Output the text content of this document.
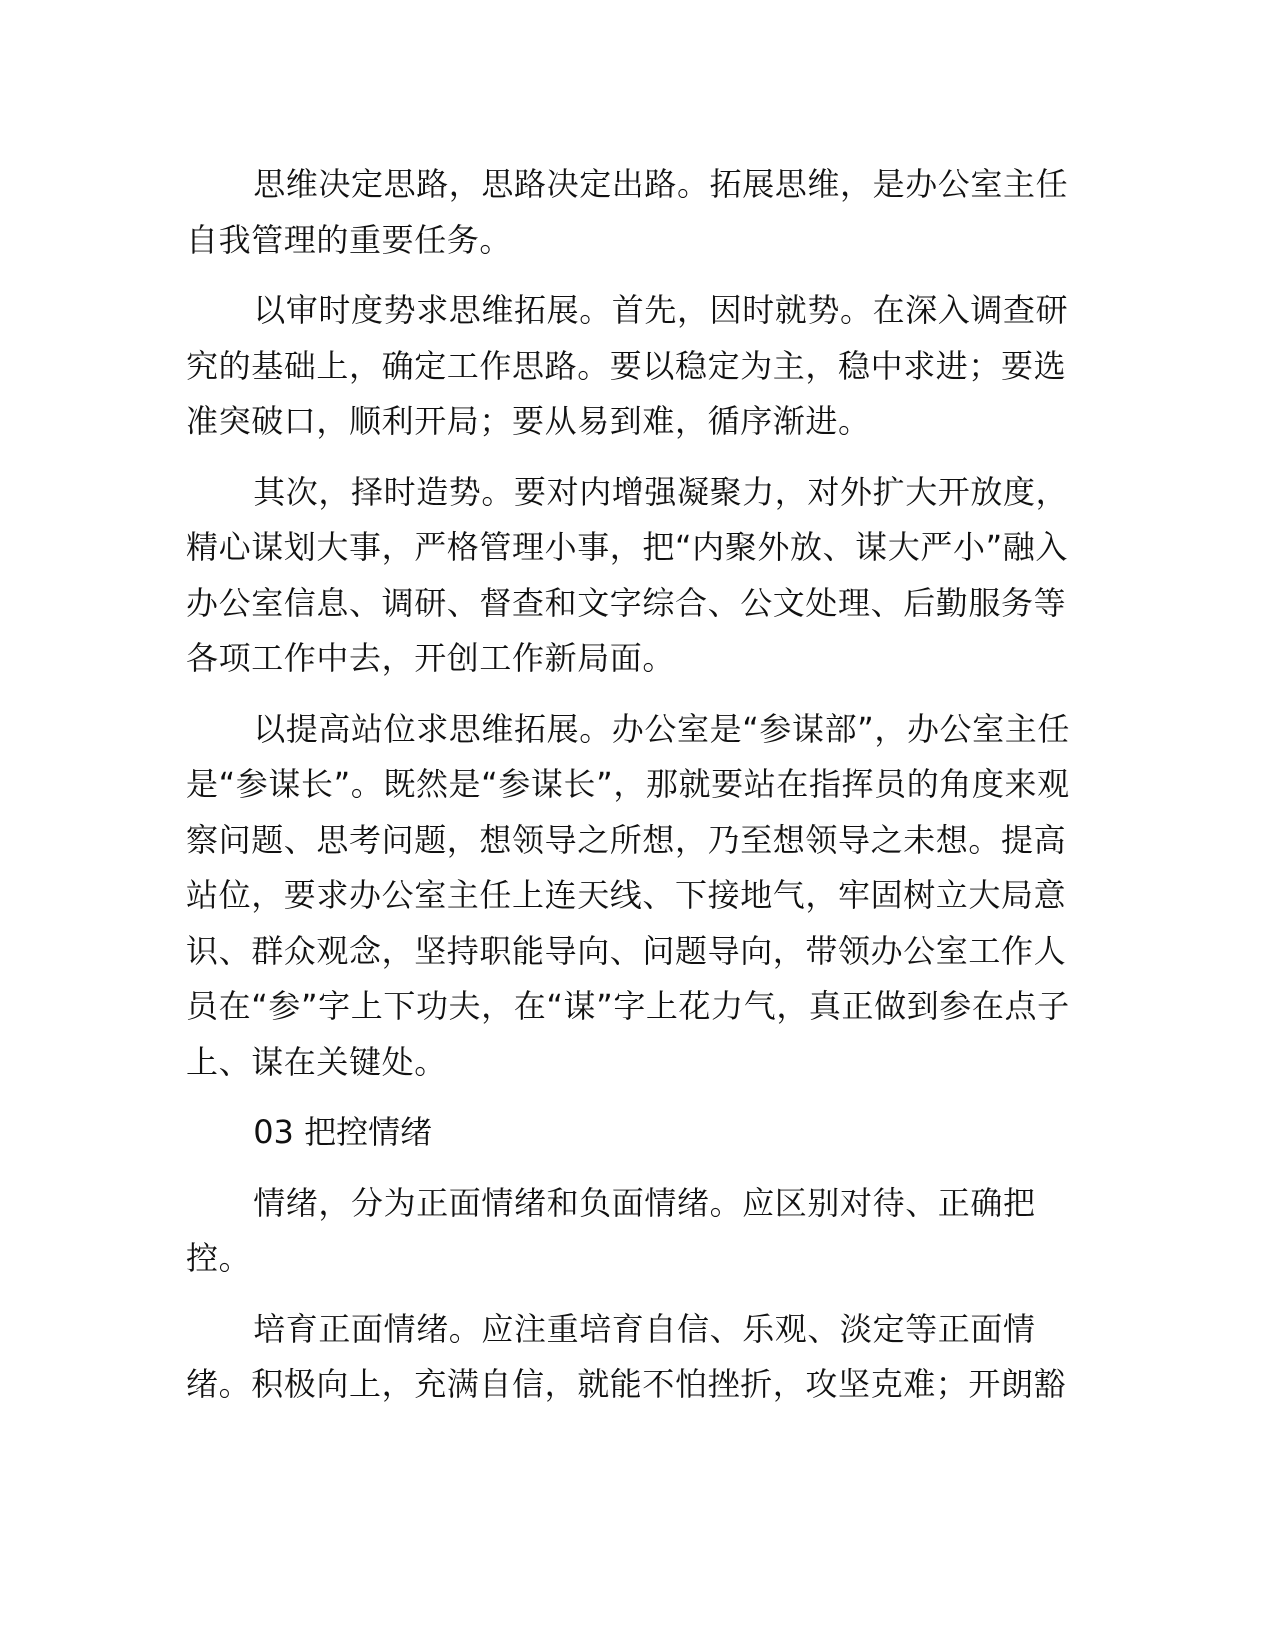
思维决定思路，思路决定出路。拓展思维，是办公室主任自我管理的重要任务。

以审时度势求思维拓展。首先，因时就势。在深入调查研究的基础上，确定工作思路。要以稳定为主，稳中求进；要选准突破口，顺利开局；要从易到难，循序渐进。

其次，择时造势。要对内增强凝聚力，对外扩大开放度，精心谋划大事，严格管理小事，把“内聚外放、谋大严小”融入办公室信息、调研、督查和文字综合、公文处理、后勤服务等各项工作中去，开创工作新局面。

以提高站位求思维拓展。办公室是“参谋部”，办公室主任是“参谋长”。既然是“参谋长”，那就要站在指挥员的角度来观察问题、思考问题，想领导之所想，乃至想领导之未想。提高站位，要求办公室主任上连天线、下接地气，牢固树立大局意识、群众观念，坚持职能导向、问题导向，带领办公室工作人员在“参”字上下功夫，在“谋”字上花力气，真正做到参在点子上、谋在关键处。

03 把控情绪

情绪，分为正面情绪和负面情绪。应区别对待、正确把控。

培育正面情绪。应注重培育自信、乐观、淡定等正面情绪。积极向上，充满自信，就能不怕挫折，攻坚克难；开朗豁
